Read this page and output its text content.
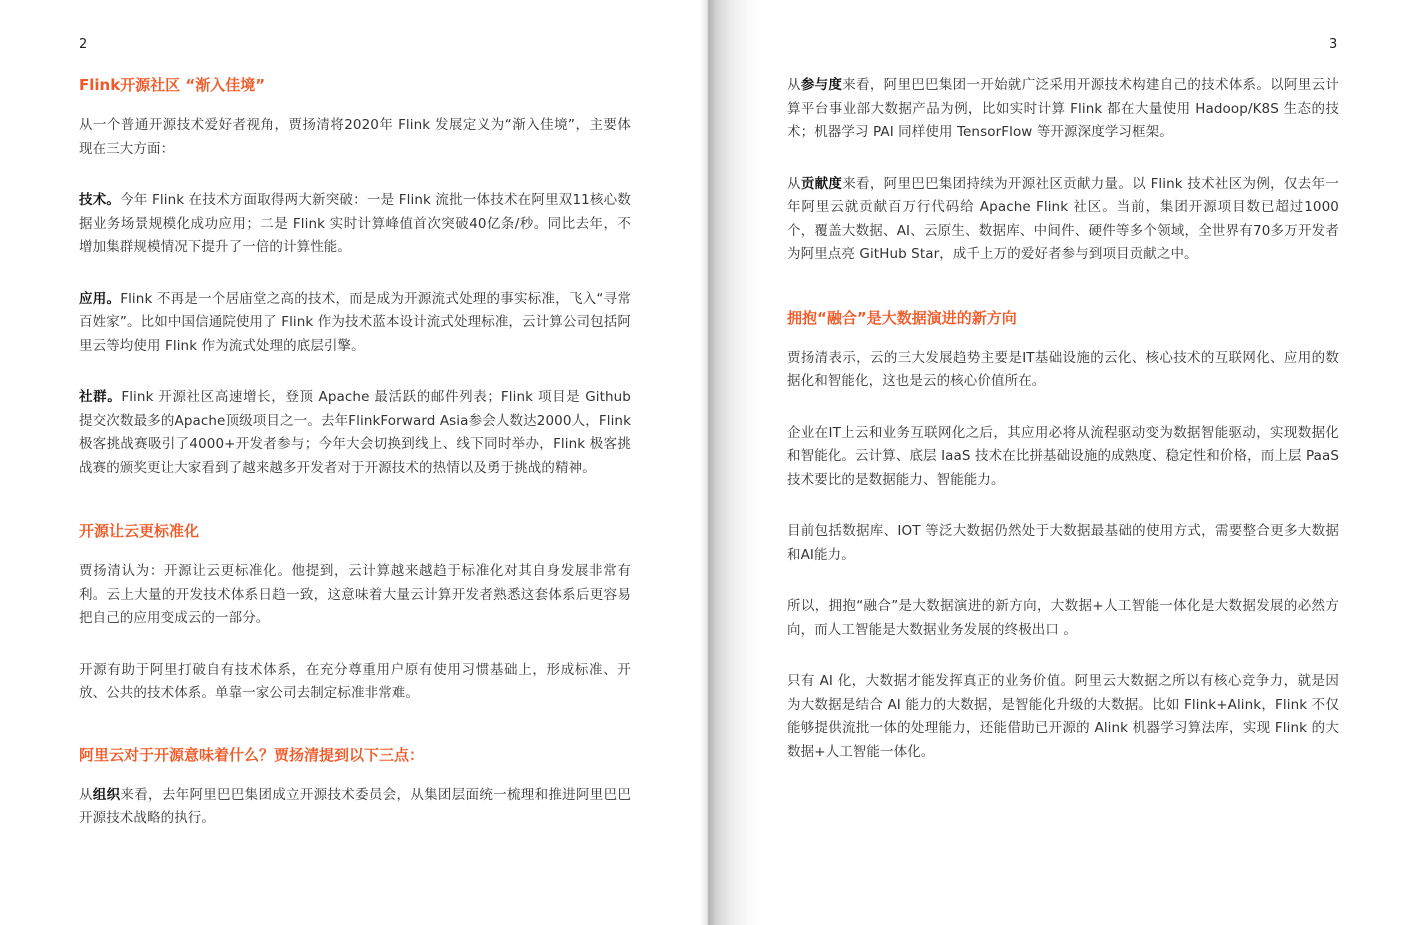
2

Flink开源社区 “渐入佳境”

从一个普通开源技术爱好者视角，贾扬清将2020年 Flink 发展定义为“渐入佳境”，主要体现在三大方面：

技术。今年 Flink 在技术方面取得两大新突破：一是 Flink 流批一体技术在阿里双11核心数据业务场景规模化成功应用；二是 Flink 实时计算峰值首次突破40亿条/秒。同比去年，不增加集群规模情况下提升了一倍的计算性能。

应用。Flink 不再是一个居庙堂之高的技术，而是成为开源流式处理的事实标准，飞入“寻常百姓家”。比如中国信通院使用了 Flink 作为技术蓝本设计流式处理标准，云计算公司包括阿里云等均使用 Flink 作为流式处理的底层引擎。

社群。Flink 开源社区高速增长，登顶 Apache 最活跃的邮件列表；Flink 项目是 Github 提交次数最多的Apache顶级项目之一。去年FlinkForward Asia参会人数达2000人，Flink 极客挑战赛吸引了4000+开发者参与；今年大会切换到线上、线下同时举办，Flink 极客挑战赛的颁奖更让大家看到了越来越多开发者对于开源技术的热情以及勇于挑战的精神。

开源让云更标准化

贾扬清认为：开源让云更标准化。他提到，云计算越来越趋于标准化对其自身发展非常有利。云上大量的开发技术体系日趋一致，这意味着大量云计算开发者熟悉这套体系后更容易把自己的应用变成云的一部分。

开源有助于阿里打破自有技术体系，在充分尊重用户原有使用习惯基础上，形成标准、开放、公共的技术体系。单靠一家公司去制定标准非常难。

阿里云对于开源意味着什么？贾扬清提到以下三点：

从组织来看，去年阿里巴巴集团成立开源技术委员会，从集团层面统一梳理和推进阿里巴巴开源技术战略的执行。

3

从参与度来看，阿里巴巴集团一开始就广泛采用开源技术构建自己的技术体系。以阿里云计算平台事业部大数据产品为例，比如实时计算 Flink 都在大量使用 Hadoop/K8S 生态的技术；机器学习 PAI 同样使用 TensorFlow 等开源深度学习框架。

从贡献度来看，阿里巴巴集团持续为开源社区贡献力量。以 Flink 技术社区为例，仅去年一年阿里云就贡献百万行代码给 Apache Flink 社区。当前，集团开源项目数已超过1000个，覆盖大数据、AI、云原生、数据库、中间件、硬件等多个领域，全世界有70多万开发者为阿里点亮 GitHub Star，成千上万的爱好者参与到项目贡献之中。

拥抱“融合”是大数据演进的新方向

贾扬清表示，云的三大发展趋势主要是IT基础设施的云化、核心技术的互联网化、应用的数据化和智能化，这也是云的核心价值所在。

企业在IT上云和业务互联网化之后，其应用必将从流程驱动变为数据智能驱动，实现数据化和智能化。云计算、底层 IaaS 技术在比拼基础设施的成熟度、稳定性和价格，而上层 PaaS 技术要比的是数据能力、智能能力。

目前包括数据库、IOT 等泛大数据仍然处于大数据最基础的使用方式，需要整合更多大数据和AI能力。

所以，拥抱“融合”是大数据演进的新方向，大数据+人工智能一体化是大数据发展的必然方向，而人工智能是大数据业务发展的终极出口 。

只有 AI 化，大数据才能发挥真正的业务价值。阿里云大数据之所以有核心竞争力，就是因为大数据是结合 AI 能力的大数据，是智能化升级的大数据。比如 Flink+Alink，Flink 不仅能够提供流批一体的处理能力，还能借助已开源的 Alink 机器学习算法库，实现 Flink 的大数据+人工智能一体化。
